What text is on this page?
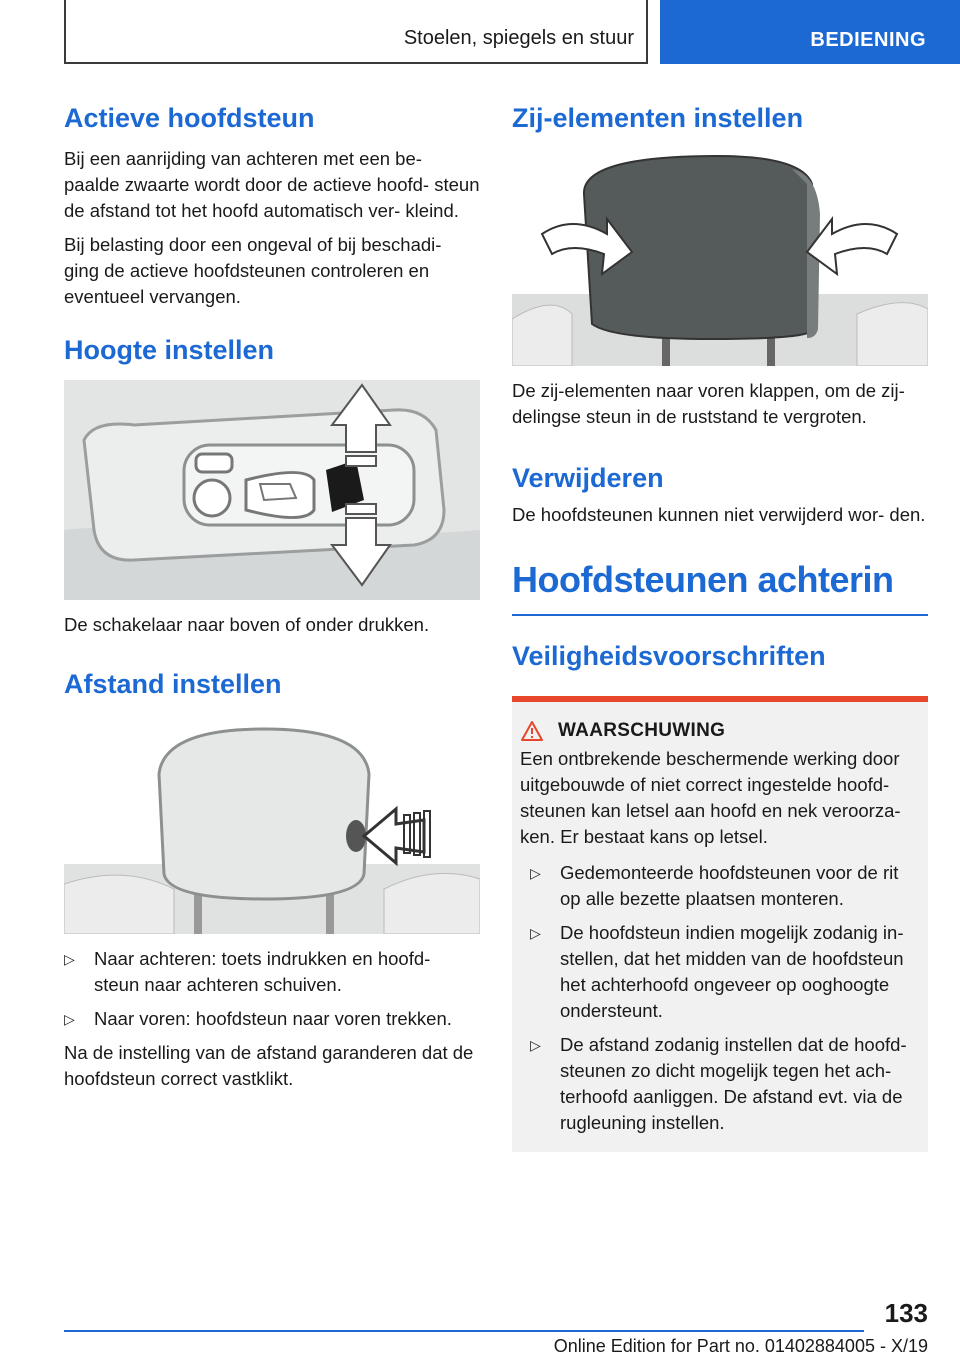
Stoelen, spiegels en stuur	BEDIENING
Actieve hoofdsteun

Bij een aanrijding van achteren met een be- paalde zwaarte wordt door de actieve hoofd- steun de afstand tot het hoofd automatisch ver- kleind.

Bij belasting door een ongeval of bij beschadi- ging de actieve hoofdsteunen controleren en eventueel vervangen.

Hoogte instellen

De schakelaar naar boven of onder drukken.

Afstand instellen
▷ Naar achteren: toets indrukken en hoofd- steun naar achteren schuiven.
▷ Naar voren: hoofdsteun naar voren trekken.

Na de instelling van de afstand garanderen dat de hoofdsteun correct vastklikt.

Zij-elementen instellen

De zij-elementen naar voren klappen, om de zij- delingse steun in de ruststand te vergroten.

Verwijderen

De hoofdsteunen kunnen niet verwijderd wor- den.

Hoofdsteunen achterin
Veiligheidsvoorschriften
WAARSCHUWING

Een ontbrekende beschermende werking door uitgebouwde of niet correct ingestelde hoofd- steunen kan letsel aan hoofd en nek veroorza- ken. Er bestaat kans op letsel.

▷ Gedemonteerde hoofdsteunen voor de rit op alle bezette plaatsen monteren.
▷ De hoofdsteun indien mogelijk zodanig in- stellen, dat het midden van de hoofdsteun het achterhoofd ongeveer op ooghoogte ondersteunt.
▷ De afstand zodanig instellen dat de hoofd- steunen zo dicht mogelijk tegen het ach- terhoofd aanliggen. De afstand evt. via de rugleuning instellen.
133
Online Edition for Part no. 01402884005 - X/19
